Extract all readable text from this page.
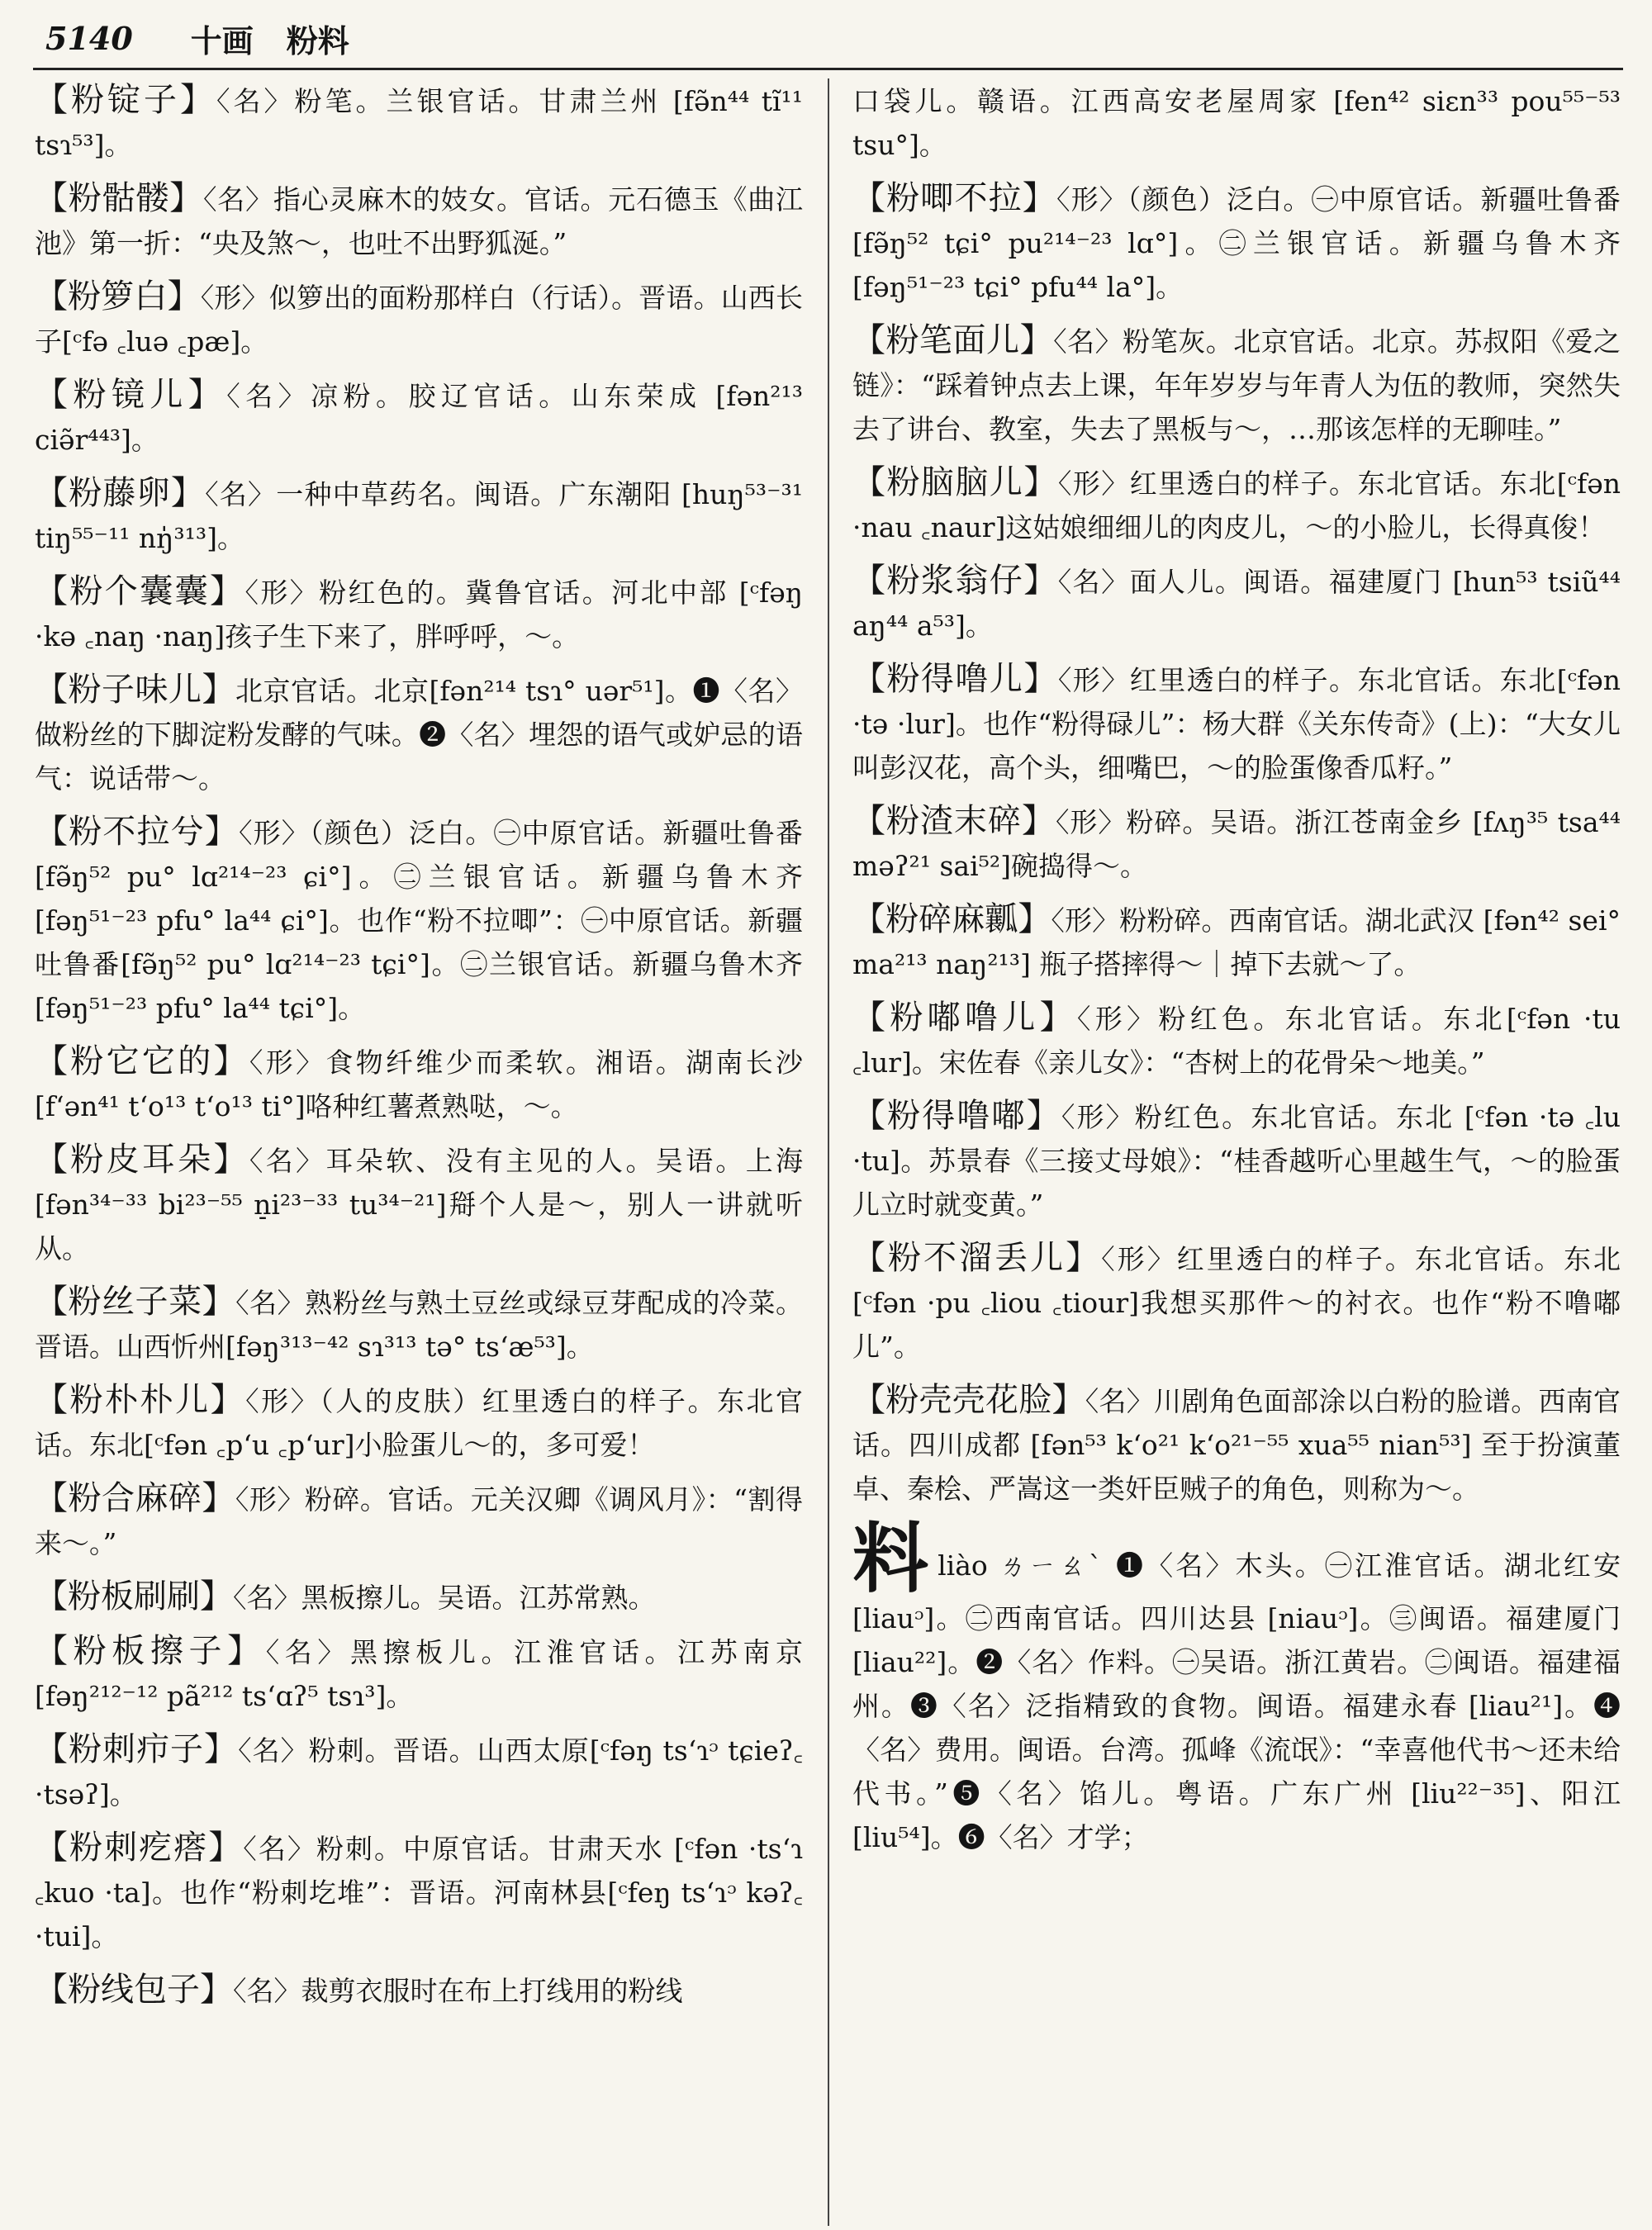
5140 十画 粉料
【粉锭子】〈名〉粉笔。兰银官话。甘肃兰州 [fə̃n⁴⁴ tĩ¹¹ tsɿ⁵³]。
【粉骷髅】〈名〉指心灵麻木的妓女。官话。元石德玉《曲江池》第一折：“央及煞～，也吐不出野狐涎。”
【粉箩白】〈形〉似箩出的面粉那样白（行话）。晋语。山西长子[ᶜfə ꜀luə ꜀pæ]。
【粉镜儿】〈名〉凉粉。胶辽官话。山东荣成 [fən²¹³ ciə̃r⁴⁴³]。
【粉藤卵】〈名〉一种中草药名。闽语。广东潮阳 [huŋ⁵³⁻³¹ tiŋ⁵⁵⁻¹¹ nŋ̍³¹³]。
【粉个囊囊】〈形〉粉红色的。冀鲁官话。河北中部 [ᶜfəŋ ·kə ꜀naŋ ·naŋ]孩子生下来了，胖呼呼，～。
【粉子味儿】北京官话。北京[fən²¹⁴ tsɿ° uər⁵¹]。❶〈名〉做粉丝的下脚淀粉发酵的气味。❷〈名〉埋怨的语气或妒忌的语气：说话带～。
【粉不拉兮】〈形〉（颜色）泛白。㊀中原官话。新疆吐鲁番 [fə̃ŋ⁵² pu° lɑ²¹⁴⁻²³ ɕi°]。㊁兰银官话。新疆乌鲁木齐 [fəŋ⁵¹⁻²³ pfu° la⁴⁴ ɕi°]。也作“粉不拉唧”：㊀中原官话。新疆吐鲁番[fə̃ŋ⁵² pu° lɑ²¹⁴⁻²³ tɕi°]。㊁兰银官话。新疆乌鲁木齐 [fəŋ⁵¹⁻²³ pfu° la⁴⁴ tɕi°]。
【粉它它的】〈形〉食物纤维少而柔软。湘语。湖南长沙[fʻən⁴¹ tʻo¹³ tʻo¹³ ti°]咯种红薯煮熟哒，～。
【粉皮耳朵】〈名〉耳朵软、没有主见的人。吴语。上海[fən³⁴⁻³³ bi²³⁻⁵⁵ n̠i²³⁻³³ tu³⁴⁻²¹]搿个人是～，别人一讲就听从。
【粉丝子菜】〈名〉熟粉丝与熟土豆丝或绿豆芽配成的冷菜。晋语。山西忻州[fəŋ³¹³⁻⁴² sɿ³¹³ tə° tsʻæ⁵³]。
【粉朴朴儿】〈形〉（人的皮肤）红里透白的样子。东北官话。东北[ᶜfən ꜀pʻu ꜀pʻur]小脸蛋儿～的，多可爱！
【粉合麻碎】〈形〉粉碎。官话。元关汉卿《调风月》：“割得来～。”
【粉板刷刷】〈名〉黑板擦儿。吴语。江苏常熟。
【粉板擦子】〈名〉黑擦板儿。江淮官话。江苏南京 [fəŋ²¹²⁻¹² pã²¹² tsʻɑʔ⁵ tsɿ³]。
【粉刺疖子】〈名〉粉刺。晋语。山西太原[ᶜfəŋ tsʻɿᵓ tɕieʔ꜀ ·tsəʔ]。
【粉刺疙瘩】〈名〉粉刺。中原官话。甘肃天水 [ᶜfən ·tsʻɿ ꜀kuo ·ta]。也作“粉刺圪堆”：晋语。河南林县[ᶜfeŋ tsʻɿᵓ kəʔ꜀ ·tui]。
【粉线包子】〈名〉裁剪衣服时在布上打线用的粉线
口袋儿。赣语。江西高安老屋周家 [fen⁴² siɛn³³ pou⁵⁵⁻⁵³ tsu°]。
【粉唧不拉】〈形〉（颜色）泛白。㊀中原官话。新疆吐鲁番 [fə̃ŋ⁵² tɕi° pu²¹⁴⁻²³ lɑ°]。㊁兰银官话。新疆乌鲁木齐 [fəŋ⁵¹⁻²³ tɕi° pfu⁴⁴ la°]。
【粉笔面儿】〈名〉粉笔灰。北京官话。北京。苏叔阳《爱之链》：“踩着钟点去上课，年年岁岁与年青人为伍的教师，突然失去了讲台、教室，失去了黑板与～，…那该怎样的无聊哇。”
【粉脑脑儿】〈形〉红里透白的样子。东北官话。东北[ᶜfən ·nau ꜀naur]这姑娘细细儿的肉皮儿，～的小脸儿，长得真俊！
【粉浆翁仔】〈名〉面人儿。闽语。福建厦门 [hun⁵³ tsiũ⁴⁴ aŋ⁴⁴ a⁵³]。
【粉得噜儿】〈形〉红里透白的样子。东北官话。东北[ᶜfən ·tə ·lur]。也作“粉得碌儿”：杨大群《关东传奇》(上)：“大女儿叫彭汉花，高个头，细嘴巴，～的脸蛋像香瓜籽。”
【粉渣末碎】〈形〉粉碎。吴语。浙江苍南金乡 [fʌŋ³⁵ tsa⁴⁴ məʔ²¹ sai⁵²]碗捣得～。
【粉碎麻瓤】〈形〉粉粉碎。西南官话。湖北武汉 [fən⁴² sei° ma²¹³ naŋ²¹³] 瓶子搭摔得～｜掉下去就～了。
【粉嘟噜儿】〈形〉粉红色。东北官话。东北[ᶜfən ·tu ꜀lur]。宋佐春《亲儿女》：“杏树上的花骨朵～地美。”
【粉得噜嘟】〈形〉粉红色。东北官话。东北 [ᶜfən ·tə ꜀lu ·tu]。苏景春《三接丈母娘》：“桂香越听心里越生气，～的脸蛋儿立时就变黄。”
【粉不溜丢儿】〈形〉红里透白的样子。东北官话。东北[ᶜfən ·pu ꜀liou ꜀tiour]我想买那件～的衬衣。也作“粉不噜嘟儿”。
【粉壳壳花脸】〈名〉川剧角色面部涂以白粉的脸谱。西南官话。四川成都 [fən⁵³ kʻo²¹ kʻo²¹⁻⁵⁵ xua⁵⁵ nian⁵³] 至于扮演董卓、秦桧、严嵩这一类奸臣贼子的角色，则称为～。
料liào ㄌㄧㄠˋ ❶〈名〉木头。㊀江淮官话。湖北红安[liauᵓ]。㊁西南官话。四川达县 [niauᵓ]。㊂闽语。福建厦门 [liau²²]。❷〈名〉作料。㊀吴语。浙江黄岩。㊁闽语。福建福州。❸〈名〉泛指精致的食物。闽语。福建永春 [liau²¹]。❹〈名〉费用。闽语。台湾。孤峰《流氓》：“幸喜他代书～还未给代书。”❺〈名〉馅儿。粤语。广东广州 [liu²²⁻³⁵]、阳江 [liu⁵⁴]。❻〈名〉才学；
